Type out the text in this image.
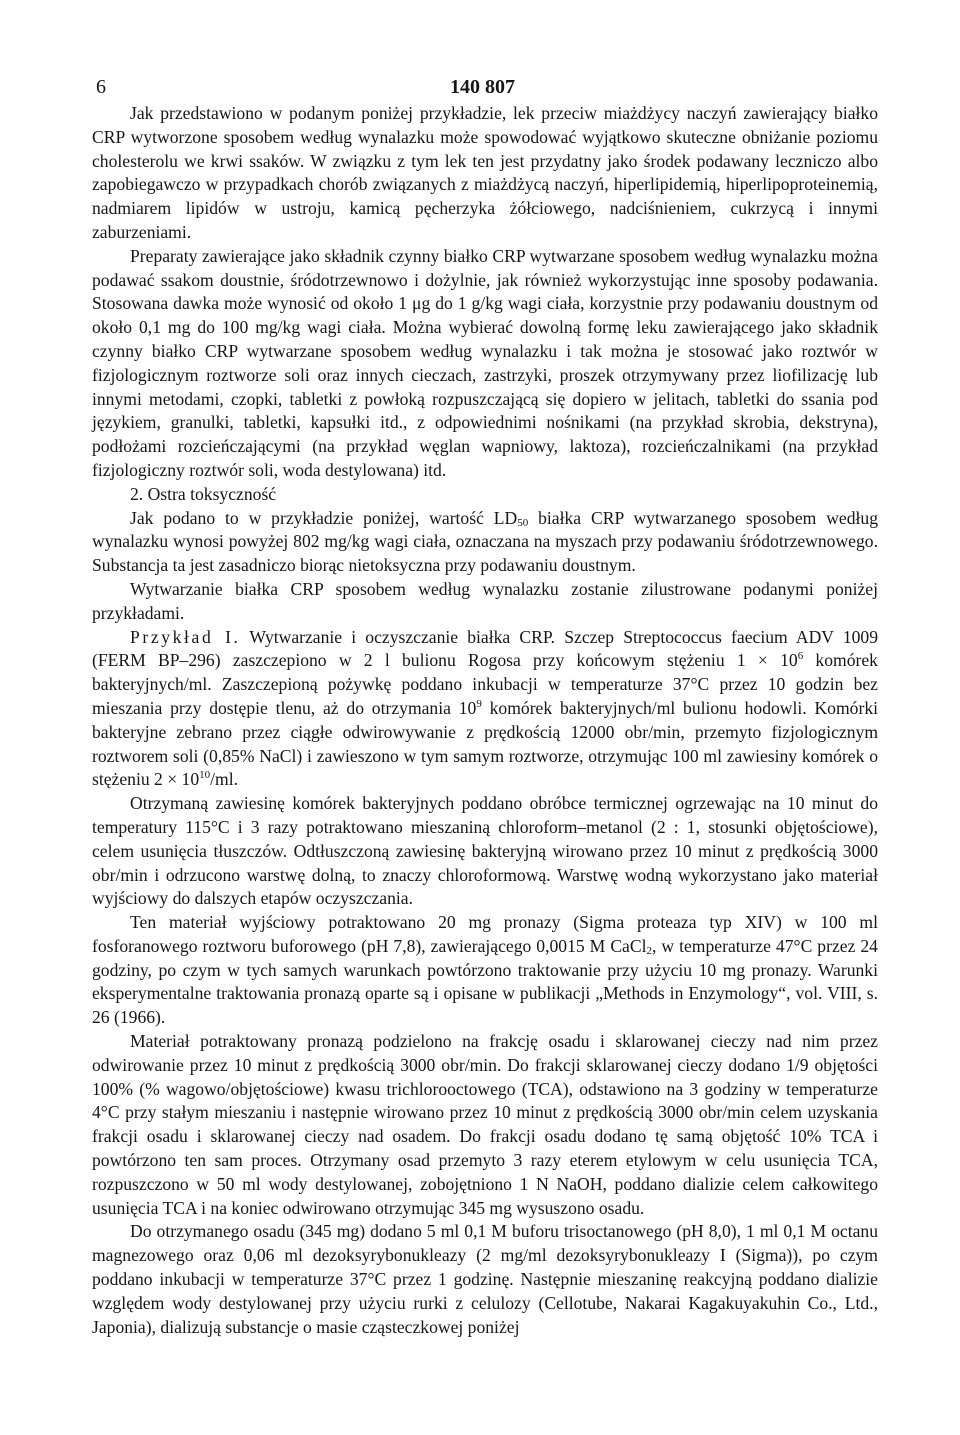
6	140 807

Jak przedstawiono w podanym poniżej przykładzie, lek przeciw miażdżycy naczyń zawierający białko CRP wytworzone sposobem według wynalazku może spowodować wyjątkowo skuteczne obniżanie poziomu cholesterolu we krwi ssaków. W związku z tym lek ten jest przydatny jako środek podawany leczniczo albo zapobiegawczo w przypadkach chorób związanych z miażdżycą naczyń, hiperlipidemią, hiperlipoproteinemią, nadmiarem lipidów w ustroju, kamicą pęcherzyka żółciowego, nadciśnieniem, cukrzycą i innymi zaburzeniami.

Preparaty zawierające jako składnik czynny białko CRP wytwarzane sposobem według wynalazku można podawać ssakom doustnie, śródotrzewnowo i dożylnie, jak również wykorzystując inne sposoby podawania. Stosowana dawka może wynosić od około 1 μg do 1 g/kg wagi ciała, korzystnie przy podawaniu doustnym od około 0,1 mg do 100 mg/kg wagi ciała. Można wybierać dowolną formę leku zawierającego jako składnik czynny białko CRP wytwarzane sposobem według wynalazku i tak można je stosować jako roztwór w fizjologicznym roztworze soli oraz innych cieczach, zastrzyki, proszek otrzymywany przez liofilizację lub innymi metodami, czopki, tabletki z powłoką rozpuszczającą się dopiero w jelitach, tabletki do ssania pod językiem, granulki, tabletki, kapsułki itd., z odpowiednimi nośnikami (na przykład skrobia, dekstryna), podłożami rozcieńczającymi (na przykład węglan wapniowy, laktoza), rozcieńczalnikami (na przykład fizjologiczny roztwór soli, woda destylowana) itd.

2. Ostra toksyczność

Jak podano to w przykładzie poniżej, wartość $LD_{50}$ białka CRP wytwarzanego sposobem według wynalazku wynosi powyżej 802 mg/kg wagi ciała, oznaczana na myszach przy podawaniu śródotrzewnowego. Substancja ta jest zasadniczo biorąc nietoksyczna przy podawaniu doustnym.

Wytwarzanie białka CRP sposobem według wynalazku zostanie zilustrowane podanymi poniżej przykładami.

Przykład I. Wytwarzanie i oczyszczanie białka CRP. Szczep Streptococcus faecium ADV 1009 (FERM BP–296) zaszczepiono w 2 l bulionu Rogosa przy końcowym stężeniu $1 \times 10^6$ komórek bakteryjnych/ml. Zaszczepioną pożywkę poddano inkubacji w temperaturze 37°C przez 10 godzin bez mieszania przy dostępie tlenu, aż do otrzymania $10^9$ komórek bakteryjnych/ml bulionu hodowli. Komórki bakteryjne zebrano przez ciągłe odwirowywanie z prędkością 12000 obr/min, przemyto fizjologicznym roztworem soli (0,85% NaCl) i zawieszono w tym samym roztworze, otrzymując 100 ml zawiesiny komórek o stężeniu $2 \times 10^{10}/ml$.

Otrzymaną zawiesinę komórek bakteryjnych poddano obróbce termicznej ogrzewając na 10 minut do temperatury 115°C i 3 razy potraktowano mieszaniną chloroform–metanol (2 : 1, stosunki objętościowe), celem usunięcia tłuszczów. Odtłuszczoną zawiesinę bakteryjną wirowano przez 10 minut z prędkością 3000 obr/min i odrzucono warstwę dolną, to znaczy chloroformową. Warstwę wodną wykorzystano jako materiał wyjściowy do dalszych etapów oczyszczania.

Ten materiał wyjściowy potraktowano 20 mg pronazy (Sigma proteaza typ XIV) w 100 ml fosforanowego roztworu buforowego (pH 7,8), zawierającego 0,0015 M CaCl$_2$, w temperaturze 47°C przez 24 godziny, po czym w tych samych warunkach powtórzono traktowanie przy użyciu 10 mg pronazy. Warunki eksperymentalne traktowania pronazą oparte są i opisane w publikacji „Methods in Enzymology“, vol. VIII, s. 26 (1966).

Materiał potraktowany pronazą podzielono na frakcję osadu i sklarowanej cieczy nad nim przez odwirowanie przez 10 minut z prędkością 3000 obr/min. Do frakcji sklarowanej cieczy dodano 1/9 objętości 100% (% wagowo/objętościowe) kwasu trichlorooctowego (TCA), odstawiono na 3 godziny w temperaturze 4°C przy stałym mieszaniu i następnie wirowano przez 10 minut z prędkością 3000 obr/min celem uzyskania frakcji osadu i sklarowanej cieczy nad osadem. Do frakcji osadu dodano tę samą objętość 10% TCA i powtórzono ten sam proces. Otrzymany osad przemyto 3 razy eterem etylowym w celu usunięcia TCA, rozpuszczono w 50 ml wody destylowanej, zobojętniono 1 N NaOH, poddano dializie celem całkowitego usunięcia TCA i na koniec odwirowano otrzymując 345 mg wysuszono osadu.

Do otrzymanego osadu (345 mg) dodano 5 ml 0,1 M buforu trisoctanowego (pH 8,0), 1 ml 0,1 M octanu magnezowego oraz 0,06 ml dezoksyrybonukleazy (2 mg/ml dezoksyrybonukleazy I (Sigma)), po czym poddano inkubacji w temperaturze 37°C przez 1 godzinę. Następnie mieszaninę reakcyjną poddano dializie względem wody destylowanej przy użyciu rurki z celulozy (Cellotube, Nakarai Kagakuyakuhin Co., Ltd., Japonia), dializują substancje o masie cząsteczkowej poniżej
